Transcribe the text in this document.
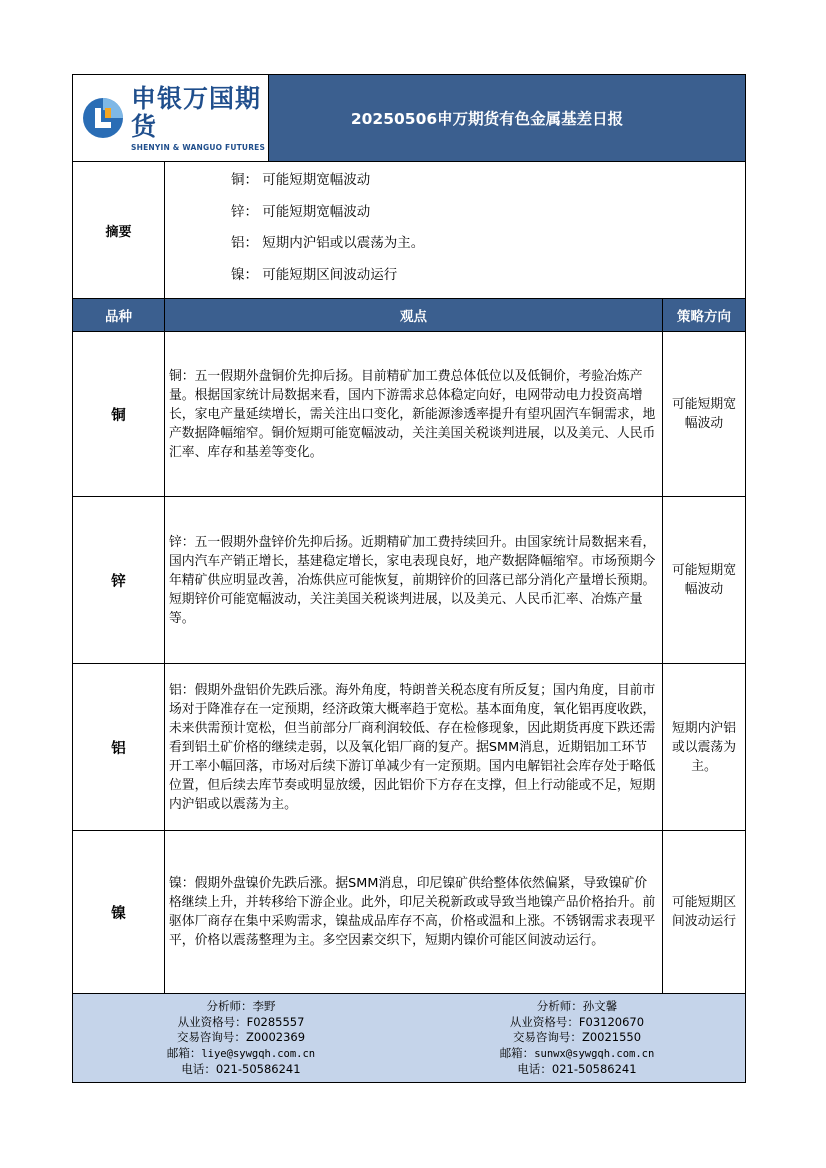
申银万国期货
SHENYIN & WANGUO FUTURES
20250506申万期货有色金属基差日报
摘要
铜： 可能短期宽幅波动
锌： 可能短期宽幅波动
铝： 短期内沪铝或以震荡为主。
镍： 可能短期区间波动运行
品种	观点	策略方向
铜
铜：五一假期外盘铜价先抑后扬。目前精矿加工费总体低位以及低铜价，考验冶炼产量。根据国家统计局数据来看，国内下游需求总体稳定向好，电网带动电力投资高增长，家电产量延续增长，需关注出口变化，新能源渗透率提升有望巩固汽车铜需求，地产数据降幅缩窄。铜价短期可能宽幅波动，关注美国关税谈判进展，以及美元、人民币汇率、库存和基差等变化。
可能短期宽幅波动
锌
锌：五一假期外盘锌价先抑后扬。近期精矿加工费持续回升。由国家统计局数据来看，国内汽车产销正增长，基建稳定增长，家电表现良好，地产数据降幅缩窄。市场预期今年精矿供应明显改善，冶炼供应可能恢复，前期锌价的回落已部分消化产量增长预期。短期锌价可能宽幅波动，关注美国关税谈判进展，以及美元、人民币汇率、冶炼产量等。
可能短期宽幅波动
铝
铝：假期外盘铝价先跌后涨。海外角度，特朗普关税态度有所反复；国内角度，目前市场对于降准存在一定预期，经济政策大概率趋于宽松。基本面角度，氧化铝再度收跌，未来供需预计宽松，但当前部分厂商利润较低、存在检修现象，因此期货再度下跌还需看到铝土矿价格的继续走弱，以及氧化铝厂商的复产。据SMM消息，近期铝加工环节开工率小幅回落，市场对后续下游订单减少有一定预期。国内电解铝社会库存处于略低位置，但后续去库节奏或明显放缓，因此铝价下方存在支撑，但上行动能或不足，短期内沪铝或以震荡为主。
短期内沪铝或以震荡为主。
镍
镍：假期外盘镍价先跌后涨。据SMM消息，印尼镍矿供给整体依然偏紧，导致镍矿价格继续上升，并转移给下游企业。此外，印尼关税新政或导致当地镍产品价格抬升。前驱体厂商存在集中采购需求，镍盐成品库存不高，价格或温和上涨。不锈钢需求表现平平，价格以震荡整理为主。多空因素交织下，短期内镍价可能区间波动运行。
可能短期区间波动运行
分析师：李野
从业资格号：F0285557
交易咨询号：Z0002369
邮箱：liye@sywgqh.com.cn
电话：021-50586241
分析师：孙文馨
从业资格号：F03120670
交易咨询号：Z0021550
邮箱：sunwx@sywgqh.com.cn
电话：021-50586241
